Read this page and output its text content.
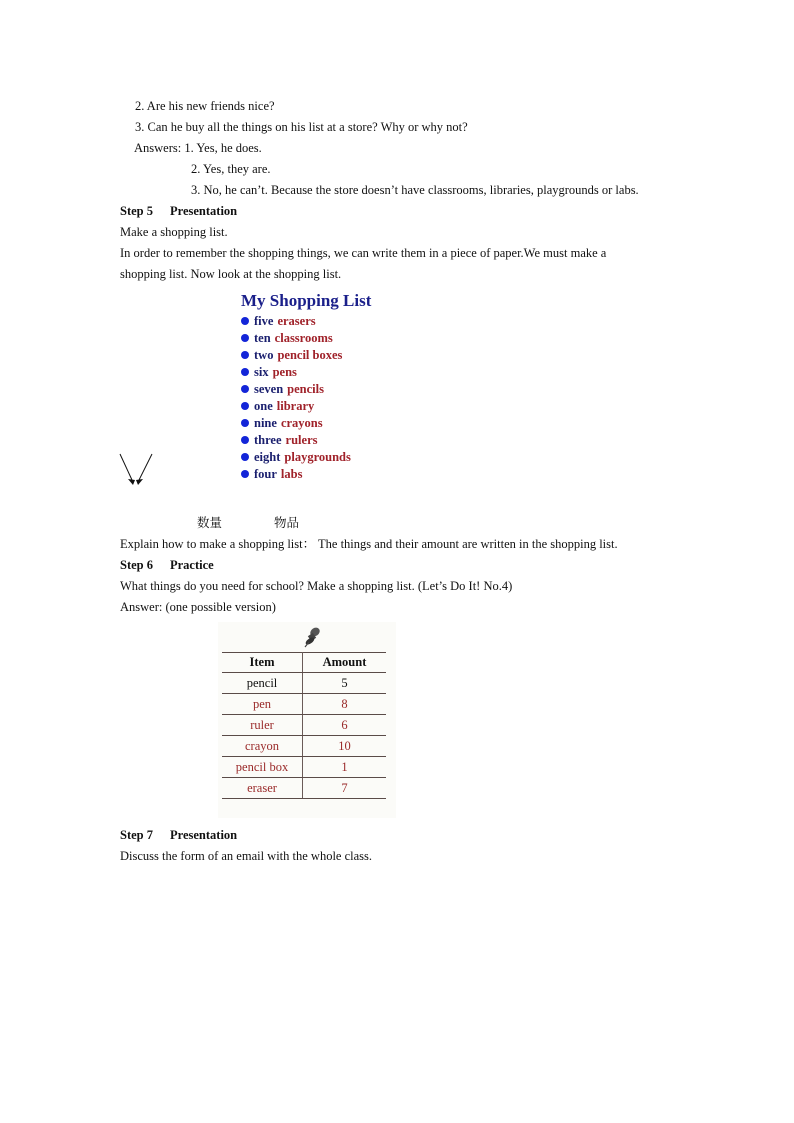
2. Are his new friends nice?
3. Can he buy all the things on his list at a store? Why or why not?
Answers: 1. Yes, he does.
2. Yes, they are.
3. No, he can’t. Because the store doesn’t have classrooms, libraries, playgrounds or labs.
Step 5 Presentation
Make a shopping list.
In order to remember the shopping things, we can write them in a piece of paper.We must make a
shopping list. Now look at the shopping list.
My Shopping List
five erasers
ten classrooms
two pencil boxes
six pens
seven pencils
one library
nine crayons
three rulers
eight playgrounds
four labs
数量	物品
Explain how to make a shopping list： The things and their amount are written in the shopping list.
Step 6 Practice
What things do you need for school? Make a shopping list. (Let’s Do It! No.4)
Answer: (one possible version)
Item	Amount
pencil	5
pen	8
ruler	6
crayon	10
pencil box	1
eraser	7
Step 7 Presentation
Discuss the form of an email with the whole class.
